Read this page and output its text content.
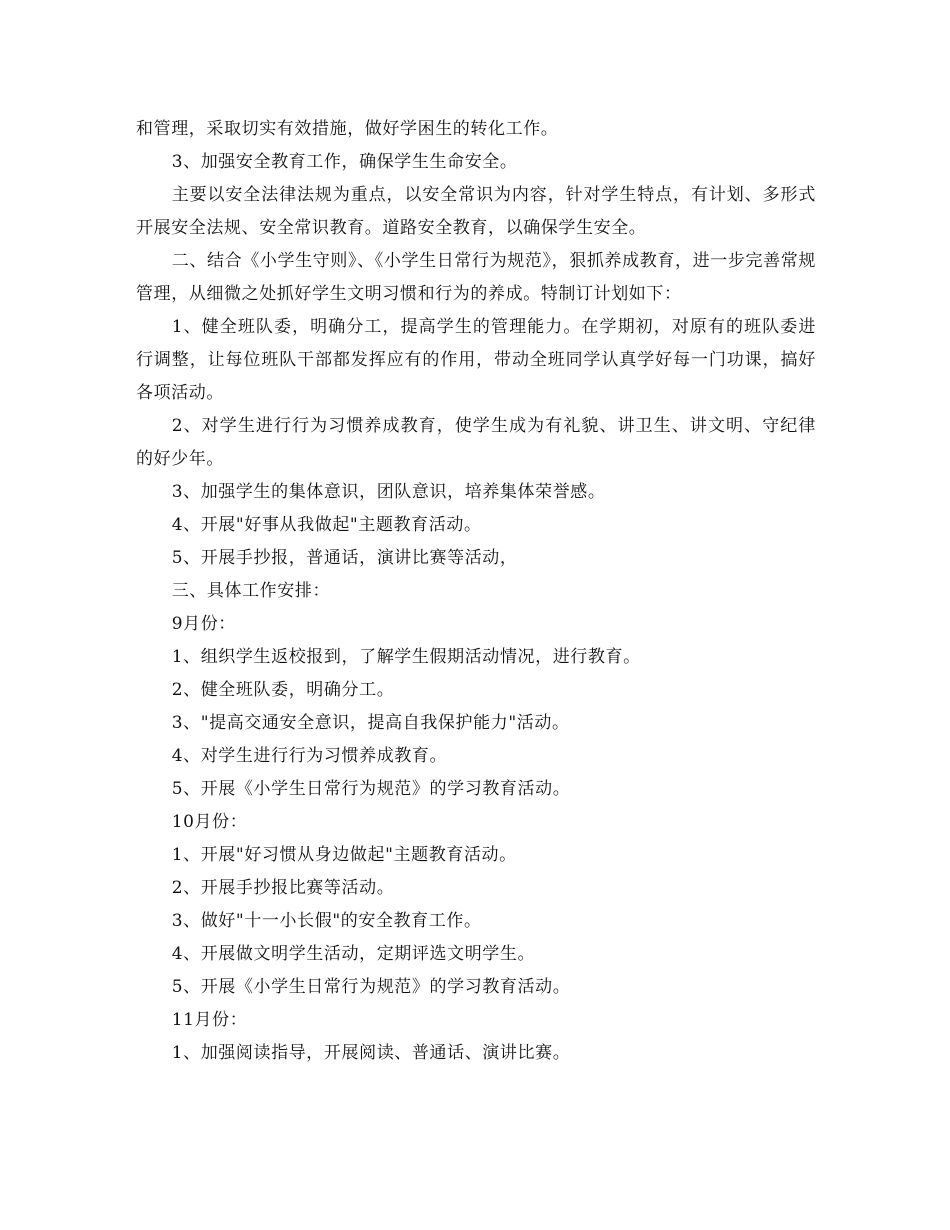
和管理，采取切实有效措施，做好学困生的转化工作。

3、加强安全教育工作，确保学生生命安全。

主要以安全法律法规为重点，以安全常识为内容，针对学生特点，有计划、多形式开展安全法规、安全常识教育。道路安全教育，以确保学生安全。

二、结合《小学生守则》、《小学生日常行为规范》，狠抓养成教育，进一步完善常规管理，从细微之处抓好学生文明习惯和行为的养成。特制订计划如下：

1、健全班队委，明确分工，提高学生的管理能力。在学期初，对原有的班队委进行调整，让每位班队干部都发挥应有的作用，带动全班同学认真学好每一门功课，搞好各项活动。

2、对学生进行行为习惯养成教育，使学生成为有礼貌、讲卫生、讲文明、守纪律的好少年。

3、加强学生的集体意识，团队意识，培养集体荣誉感。

4、开展"好事从我做起"主题教育活动。

5、开展手抄报，普通话，演讲比赛等活动，

三、具体工作安排：

9月份：

1、组织学生返校报到，了解学生假期活动情况，进行教育。

2、健全班队委，明确分工。

3、"提高交通安全意识，提高自我保护能力"活动。

4、对学生进行行为习惯养成教育。

5、开展《小学生日常行为规范》的学习教育活动。

10月份：

1、开展"好习惯从身边做起"主题教育活动。

2、开展手抄报比赛等活动。

3、做好"十一小长假"的安全教育工作。

4、开展做文明学生活动，定期评选文明学生。

5、开展《小学生日常行为规范》的学习教育活动。

11月份：

1、加强阅读指导，开展阅读、普通话、演讲比赛。
